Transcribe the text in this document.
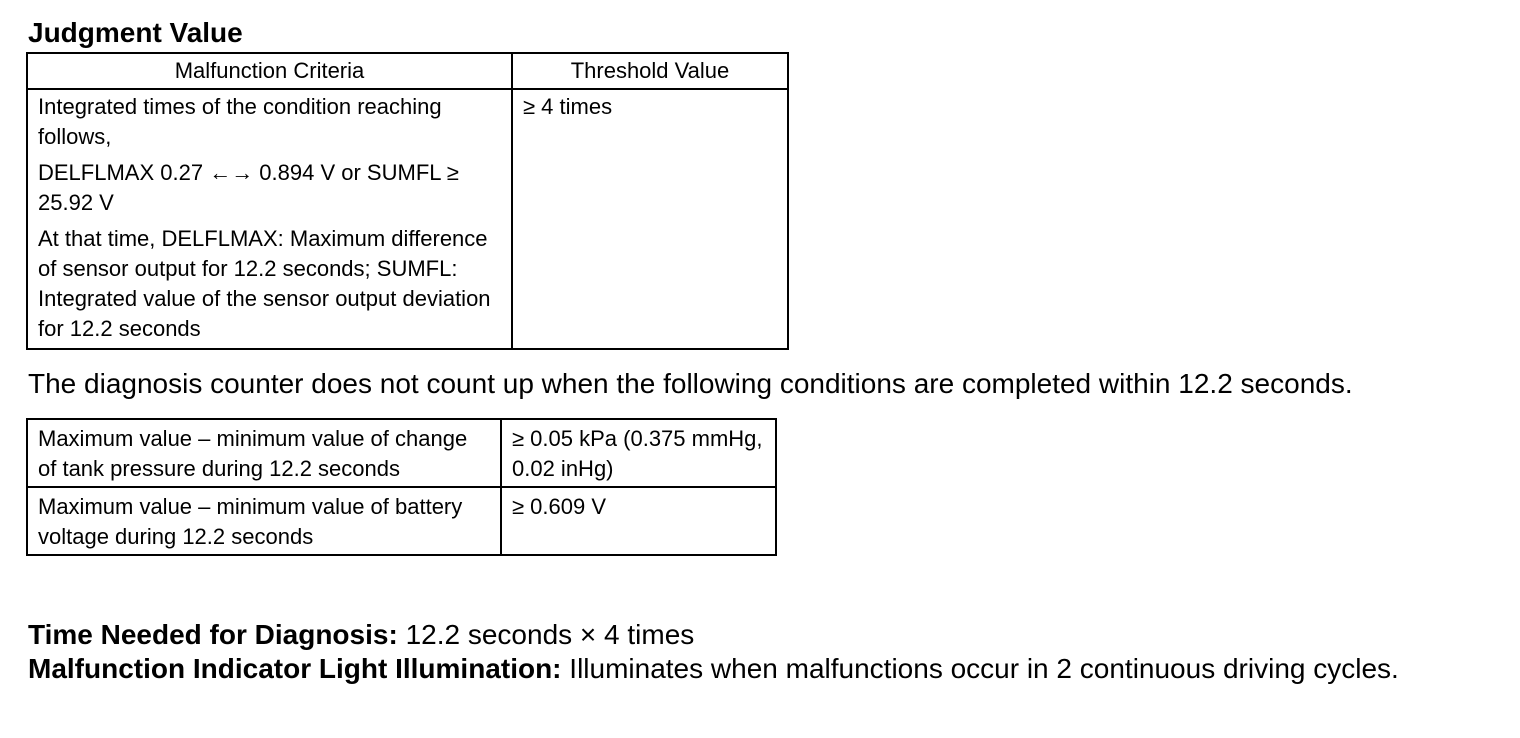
Judgment Value
Malfunction Criteria	Threshold Value

Integrated times of the condition reaching follows,
DELFLMAX 0.27 ←→ 0.894 V or SUMFL ≥ 25.92 V
At that time, DELFLMAX: Maximum difference of sensor output for 12.2 seconds; SUMFL: Integrated value of the sensor output deviation for 12.2 seconds	≥ 4 times
The diagnosis counter does not count up when the following conditions are completed within 12.2 seconds.
Maximum value – minimum value of change of tank pressure during 12.2 seconds	≥ 0.05 kPa (0.375 mmHg, 0.02 inHg)
Maximum value – minimum value of battery voltage during 12.2 seconds	≥ 0.609 V
Time Needed for Diagnosis: 12.2 seconds × 4 times
Malfunction Indicator Light Illumination: Illuminates when malfunctions occur in 2 continuous driving cycles.
